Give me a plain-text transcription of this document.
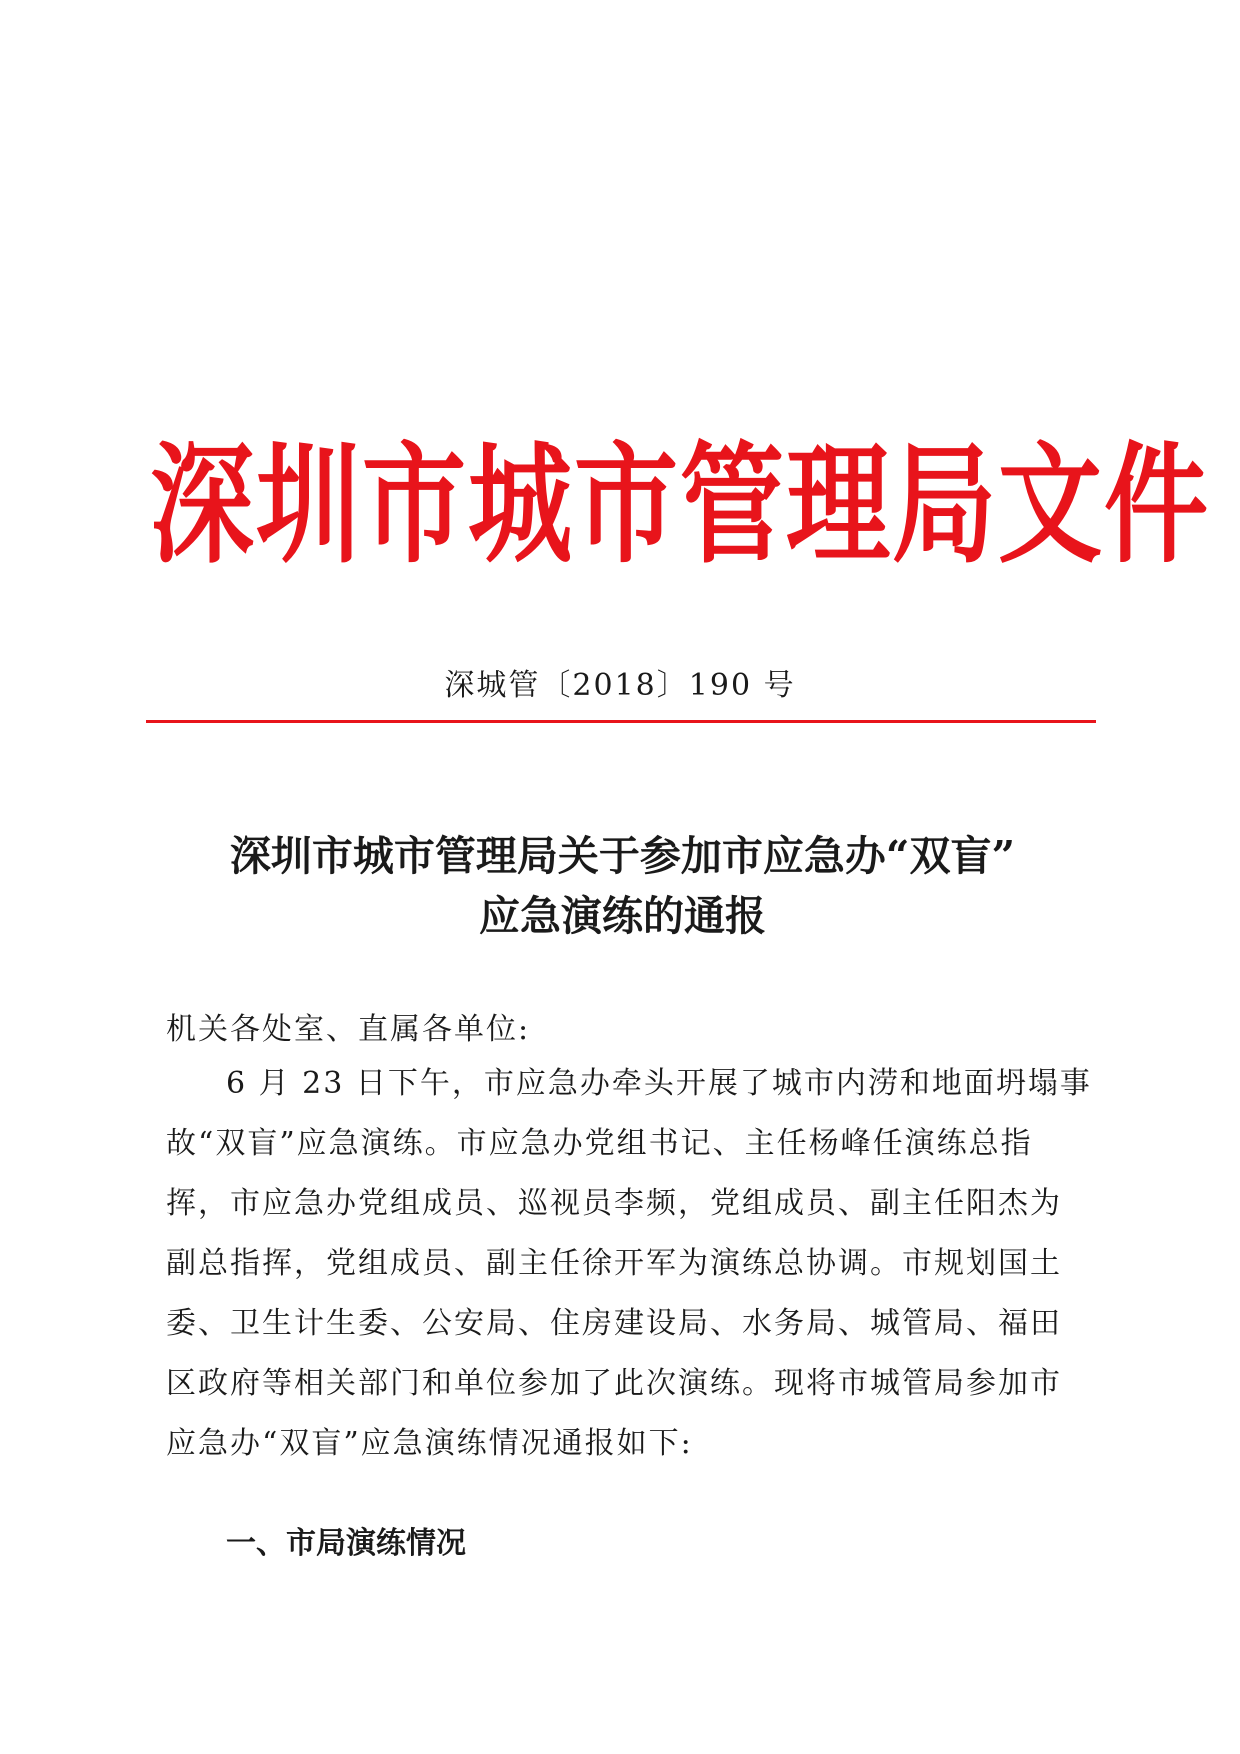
深圳市城市管理局文件
深城管〔2018〕190 号
深圳市城市管理局关于参加市应急办“双盲”
应急演练的通报
机关各处室、直属各单位:
6 月 23 日下午，市应急办牵头开展了城市内涝和地面坍塌事
故“双盲”应急演练。市应急办党组书记、主任杨峰任演练总指
挥，市应急办党组成员、巡视员李频，党组成员、副主任阳杰为
副总指挥，党组成员、副主任徐开军为演练总协调。市规划国土
委、卫生计生委、公安局、住房建设局、水务局、城管局、福田
区政府等相关部门和单位参加了此次演练。现将市城管局参加市
应急办“双盲”应急演练情况通报如下:
一、市局演练情况
